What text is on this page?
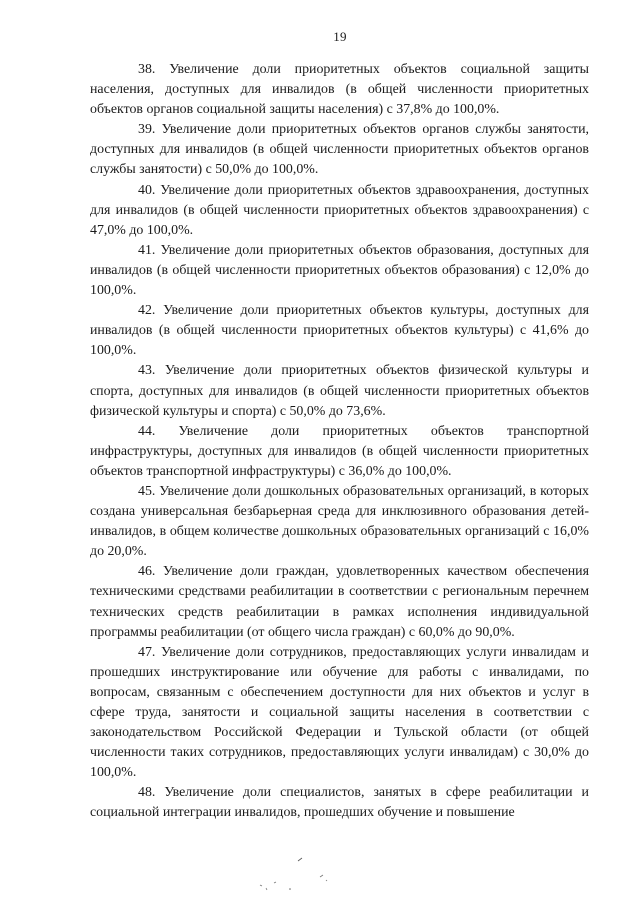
19

38. Увеличение доли приоритетных объектов социальной защиты населения, доступных для инвалидов (в общей численности приоритетных объектов органов социальной защиты населения) с 37,8% до 100,0%.

39. Увеличение доли приоритетных объектов органов службы занятости, доступных для инвалидов (в общей численности приоритетных объектов органов службы занятости) с 50,0% до 100,0%.

40. Увеличение доли приоритетных объектов здравоохранения, доступных для инвалидов (в общей численности приоритетных объектов здравоохранения) с 47,0% до 100,0%.

41. Увеличение доли приоритетных объектов образования, доступных для инвалидов (в общей численности приоритетных объектов образования) с 12,0% до 100,0%.

42. Увеличение доли приоритетных объектов культуры, доступных для инвалидов (в общей численности приоритетных объектов культуры) с 41,6% до 100,0%.

43. Увеличение доли приоритетных объектов физической культуры и спорта, доступных для инвалидов (в общей численности приоритетных объектов физической культуры и спорта) с 50,0% до 73,6%.

44. Увеличение доли приоритетных объектов транспортной инфраструктуры, доступных для инвалидов (в общей численности приоритетных объектов транспортной инфраструктуры) с 36,0% до 100,0%.

45. Увеличение доли дошкольных образовательных организаций, в которых создана универсальная безбарьерная среда для инклюзивного образования детей-инвалидов, в общем количестве дошкольных образовательных организаций с 16,0% до 20,0%.

46. Увеличение доли граждан, удовлетворенных качеством обеспечения техническими средствами реабилитации в соответствии с региональным перечнем технических средств реабилитации в рамках исполнения индивидуальной программы реабилитации (от общего числа граждан) с 60,0% до 90,0%.

47. Увеличение доли сотрудников, предоставляющих услуги инвалидам и прошедших инструктирование или обучение для работы с инвалидами, по вопросам, связанным с обеспечением доступности для них объектов и услуг в сфере труда, занятости и социальной защиты населения в соответствии с законодательством Российской Федерации и Тульской области (от общей численности таких сотрудников, предоставляющих услуги инвалидам) с 30,0% до 100,0%.

48. Увеличение доли специалистов, занятых в сфере реабилитации и социальной интеграции инвалидов, прошедших обучение и повышение
